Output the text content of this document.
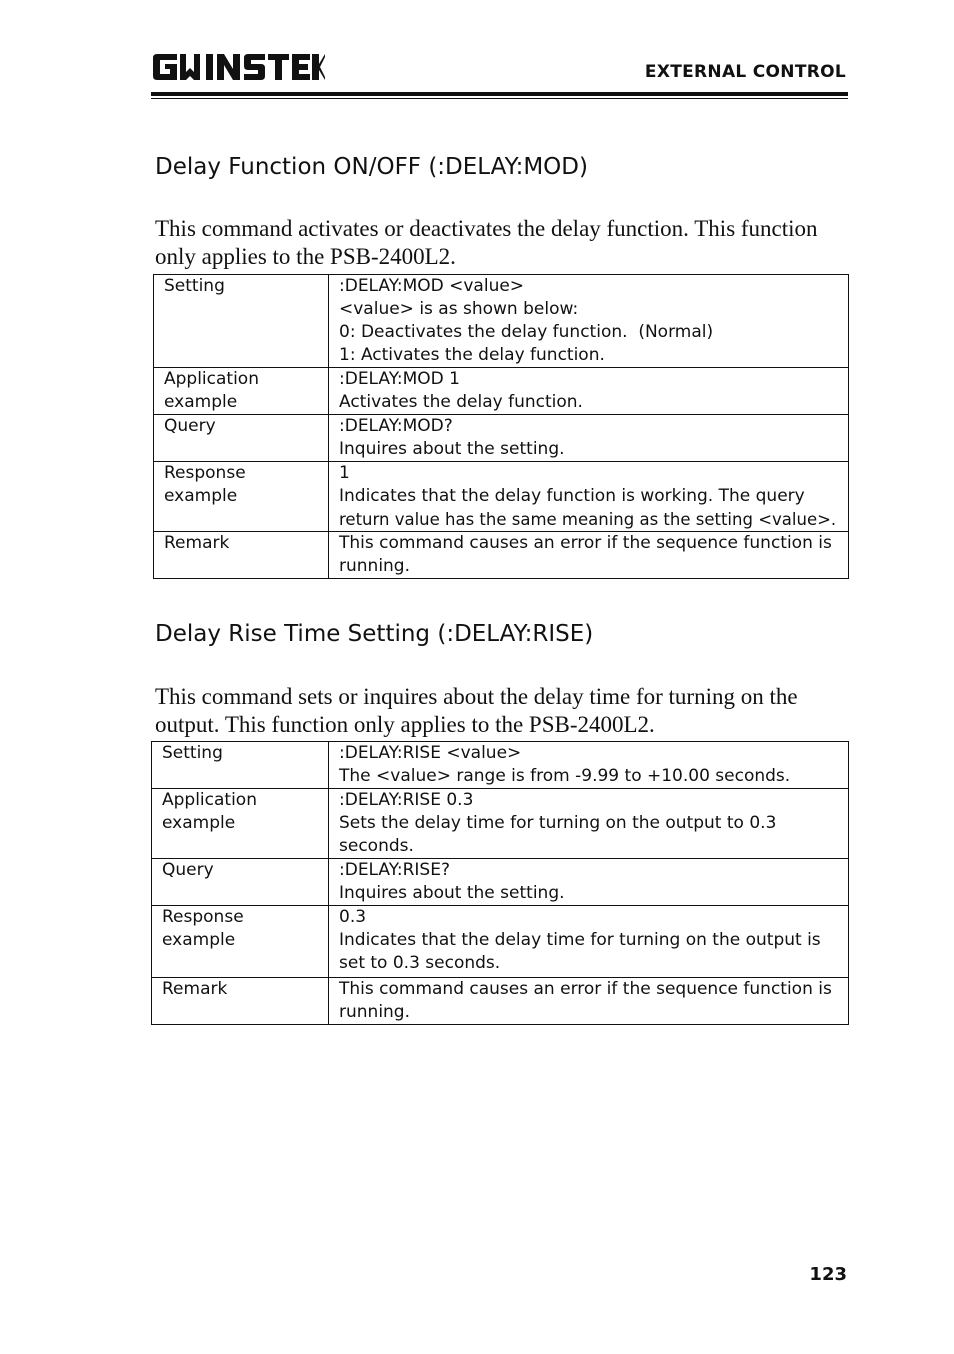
EXTERNAL CONTROL
Delay Function ON/OFF (:DELAY:MOD)

This command activates or deactivates the delay function. This function only applies to the PSB-2400L2.

Setting	:DELAY:MOD <value>
<value> is as shown below:
0: Deactivates the delay function.  (Normal)
1: Activates the delay function.

Application
example	:DELAY:MOD 1
Activates the delay function.

Query	:DELAY:MOD?
Inquires about the setting.

Response
example	1
Indicates that the delay function is working. The query
return value has the same meaning as the setting <value>.

Remark	This command causes an error if the sequence function is
running.
Delay Rise Time Setting (:DELAY:RISE)

This command sets or inquires about the delay time for turning on the output. This function only applies to the PSB-2400L2.

Setting	:DELAY:RISE <value>
The <value> range is from -9.99 to +10.00 seconds.

Application
example	:DELAY:RISE 0.3
Sets the delay time for turning on the output to 0.3
seconds.

Query	:DELAY:RISE?
Inquires about the setting.

Response
example	0.3
Indicates that the delay time for turning on the output is
set to 0.3 seconds.

Remark	This command causes an error if the sequence function is
running.
123
